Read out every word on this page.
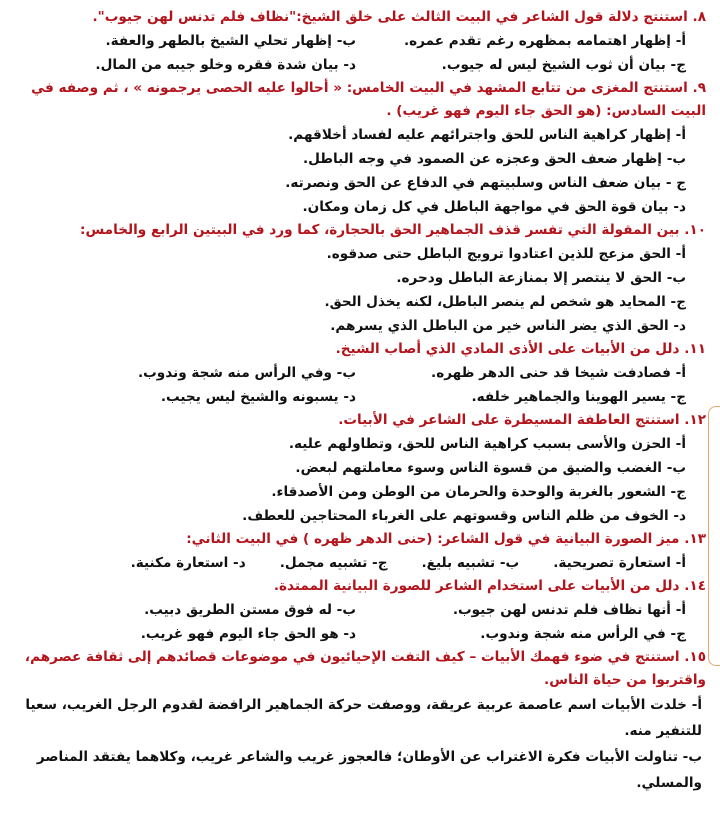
٨. استنتج دلالة قول الشاعر في البيت الثالث على خلق الشيخ:"نظاف فلم تدنس لهن جيوب".
أ- إظهار اهتمامه بمظهره رغم تقدم عمره.
ب- إظهار تحلي الشيخ بالطهر والعفة.
ج- بيان أن ثوب الشيخ ليس له جيوب.
د- بيان شدة فقره وخلو جيبه من المال.
٩. استنتج المغزى من تتابع المشهد في البيت الخامس: « أحالوا عليه الحصى يرجمونه » ، ثم وصفه في البيت السادس: (هو الحق جاء اليوم فهو غريب) .
أ- إظهار كراهية الناس للحق واجترائهم عليه لفساد أخلاقهم.
ب- إظهار ضعف الحق وعجزه عن الصمود في وجه الباطل.
ج - بيان ضعف الناس وسلبيتهم في الدفاع عن الحق ونصرته.
د- بيان قوة الحق في مواجهة الباطل في كل زمان ومكان.
١٠. بين المقولة التي تفسر قذف الجماهير الحق بالحجارة، كما ورد في البيتين الرابع والخامس:
أ- الحق مزعج للذين اعتادوا ترويج الباطل حتى صدقوه.
ب- الحق لا ينتصر إلا بمنازعة الباطل ودحره.
ج- المحايد هو شخص لم ينصر الباطل، لكنه يخذل الحق.
د- الحق الذي يضر الناس خير من الباطل الذي يسرهم.
١١. دلل من الأبيات على الأذى المادي الذي أصاب الشيخ.
أ- فصادفت شيخا قد حنى الدهر ظهره.
ب- وفي الرأس منه شجة وندوب.
ج- يسير الهوينا والجماهير خلفه.
د- يسبونه والشيخ ليس يجيب.
١٢. استنتج العاطفة المسيطرة على الشاعر في الأبيات.
أ- الحزن والأسى بسبب كراهية الناس للحق، وتطاولهم عليه.
ب- الغضب والضيق من قسوة الناس وسوء معاملتهم لبعض.
ج- الشعور بالغربة والوحدة والحرمان من الوطن ومن الأصدقاء.
د- الخوف من ظلم الناس وقسوتهم على الغرباء المحتاجين للعطف.
١٣. ميز الصورة البيانية في قول الشاعر: (حنى الدهر ظهره ) في البيت الثاني:
أ- استعارة تصريحية.
ب- تشبيه بليغ.
ج- تشبيه مجمل.
د- استعارة مكنية.
١٤. دلل من الأبيات على استخدام الشاعر للصورة البيانية الممتدة.
أ- أنها نظاف فلم تدنس لهن جيوب.
ب- له فوق مستن الطريق دبيب.
ج- في الرأس منه شجة وندوب.
د- هو الحق جاء اليوم فهو غريب.
١٥. استنتج في ضوء فهمك الأبيات – كيف التفت الإحيائيون في موضوعات قصائدهم إلى ثقافة عصرهم، واقتربوا من حياة الناس.
أ- خلدت الأبيات اسم عاصمة عربية عريقة، ووصفت حركة الجماهير الرافضة لقدوم الرجل الغريب، سعيا للتنفير منه.
ب- تناولت الأبيات فكرة الاغتراب عن الأوطان؛ فالعجوز غريب والشاعر غريب، وكلاهما يفتقد المناصر والمسلي.
